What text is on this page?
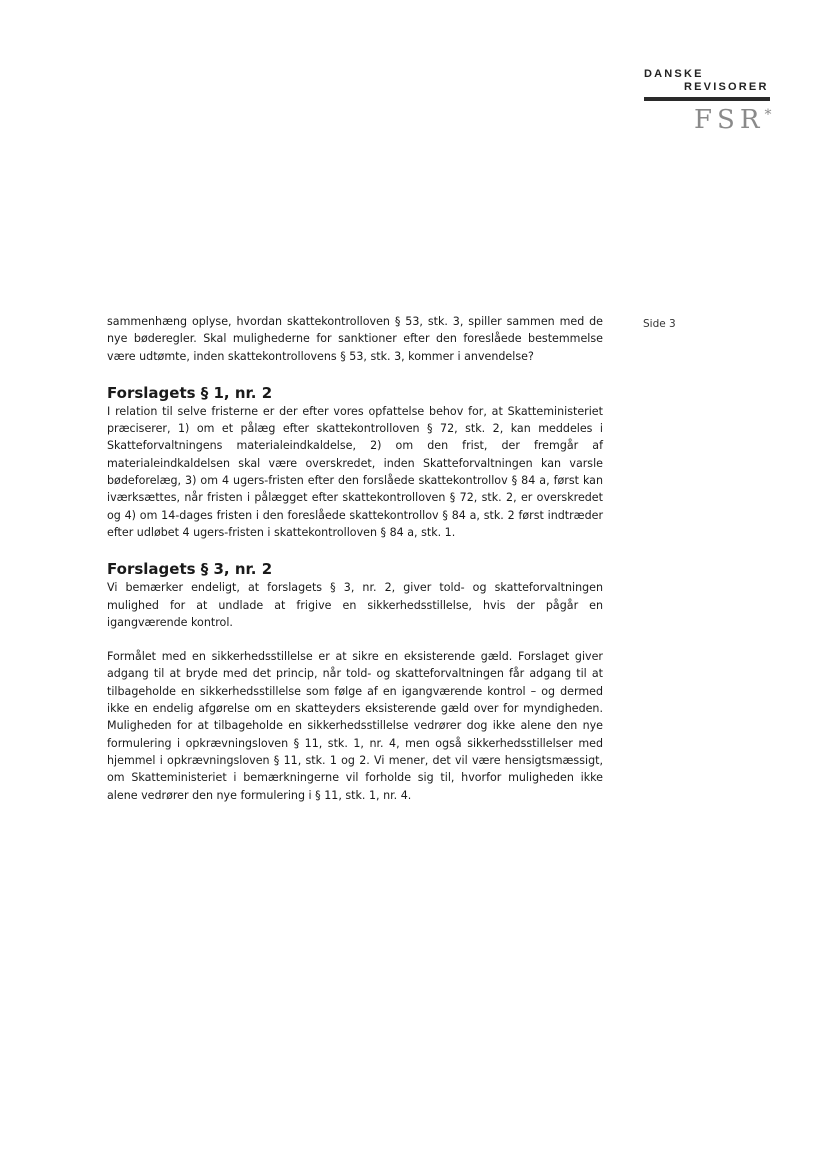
DANSKE
REVISORER
FSR*
Side 3

sammenhæng oplyse, hvordan skattekontrolloven § 53, stk. 3, spiller sammen med de nye bøderegler. Skal mulighederne for sanktioner efter den foreslåede bestemmelse være udtømte, inden skattekontrollovens § 53, stk. 3, kommer i anvendelse?

Forslagets § 1, nr. 2

I relation til selve fristerne er der efter vores opfattelse behov for, at Skatteministeriet præciserer, 1) om et pålæg efter skattekontrolloven § 72, stk. 2, kan meddeles i Skatteforvaltningens materialeindkaldelse, 2) om den frist, der fremgår af materialeindkaldelsen skal være overskredet, inden Skatteforvaltningen kan varsle bødeforelæg, 3) om 4 ugers-fristen efter den forslåede skattekontrollov § 84 a, først kan iværksættes, når fristen i pålægget efter skattekontrolloven § 72, stk. 2, er overskredet og 4) om 14-dages fristen i den foreslåede skattekontrollov § 84 a, stk. 2 først indtræder efter udløbet 4 ugers-fristen i skattekontrolloven § 84 a, stk. 1.

Forslagets § 3, nr. 2

Vi bemærker endeligt, at forslagets § 3, nr. 2, giver told- og skatteforvaltningen mulighed for at undlade at frigive en sikkerhedsstillelse, hvis der pågår en igangværende kontrol.

Formålet med en sikkerhedsstillelse er at sikre en eksisterende gæld. Forslaget giver adgang til at bryde med det princip, når told- og skatteforvaltningen får adgang til at tilbageholde en sikkerhedsstillelse som følge af en igangværende kontrol – og dermed ikke en endelig afgørelse om en skatteyders eksisterende gæld over for myndigheden. Muligheden for at tilbageholde en sikkerhedsstillelse vedrører dog ikke alene den nye formulering i opkrævningsloven § 11, stk. 1, nr. 4, men også sikkerhedsstillelser med hjemmel i opkrævningsloven § 11, stk. 1 og 2. Vi mener, det vil være hensigtsmæssigt, om Skatteministeriet i bemærkningerne vil forholde sig til, hvorfor muligheden ikke alene vedrører den nye formulering i § 11, stk. 1, nr. 4.
